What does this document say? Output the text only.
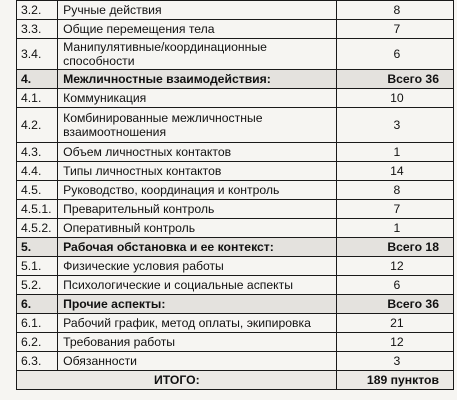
3.2.	Ручные действия	8
3.3.	Общие перемещения тела	7
3.4.	Манипулятивные/координационные способности	6
4.	Межличностные взаимодействия:	Всего 36
4.1.	Коммуникация	10
4.2.	Комбинированные межличностные взаимоотношения	3
4.3.	Объем личностных контактов	1
4.4.	Типы личностных контактов	14
4.5.	Руководство, координация и контроль	8
4.5.1.	Преварительный контроль	7
4.5.2.	Оперативный контроль	1
5.	Рабочая обстановка и ее контекст:	Всего 18
5.1.	Физические условия работы	12
5.2.	Психологические и социальные аспекты	6
6.	Прочие аспекты:	Всего 36
6.1.	Рабочий график, метод оплаты, экипировка	21
6.2.	Требования работы	12
6.3.	Обязанности	3
ИТОГО:		189 пунктов
